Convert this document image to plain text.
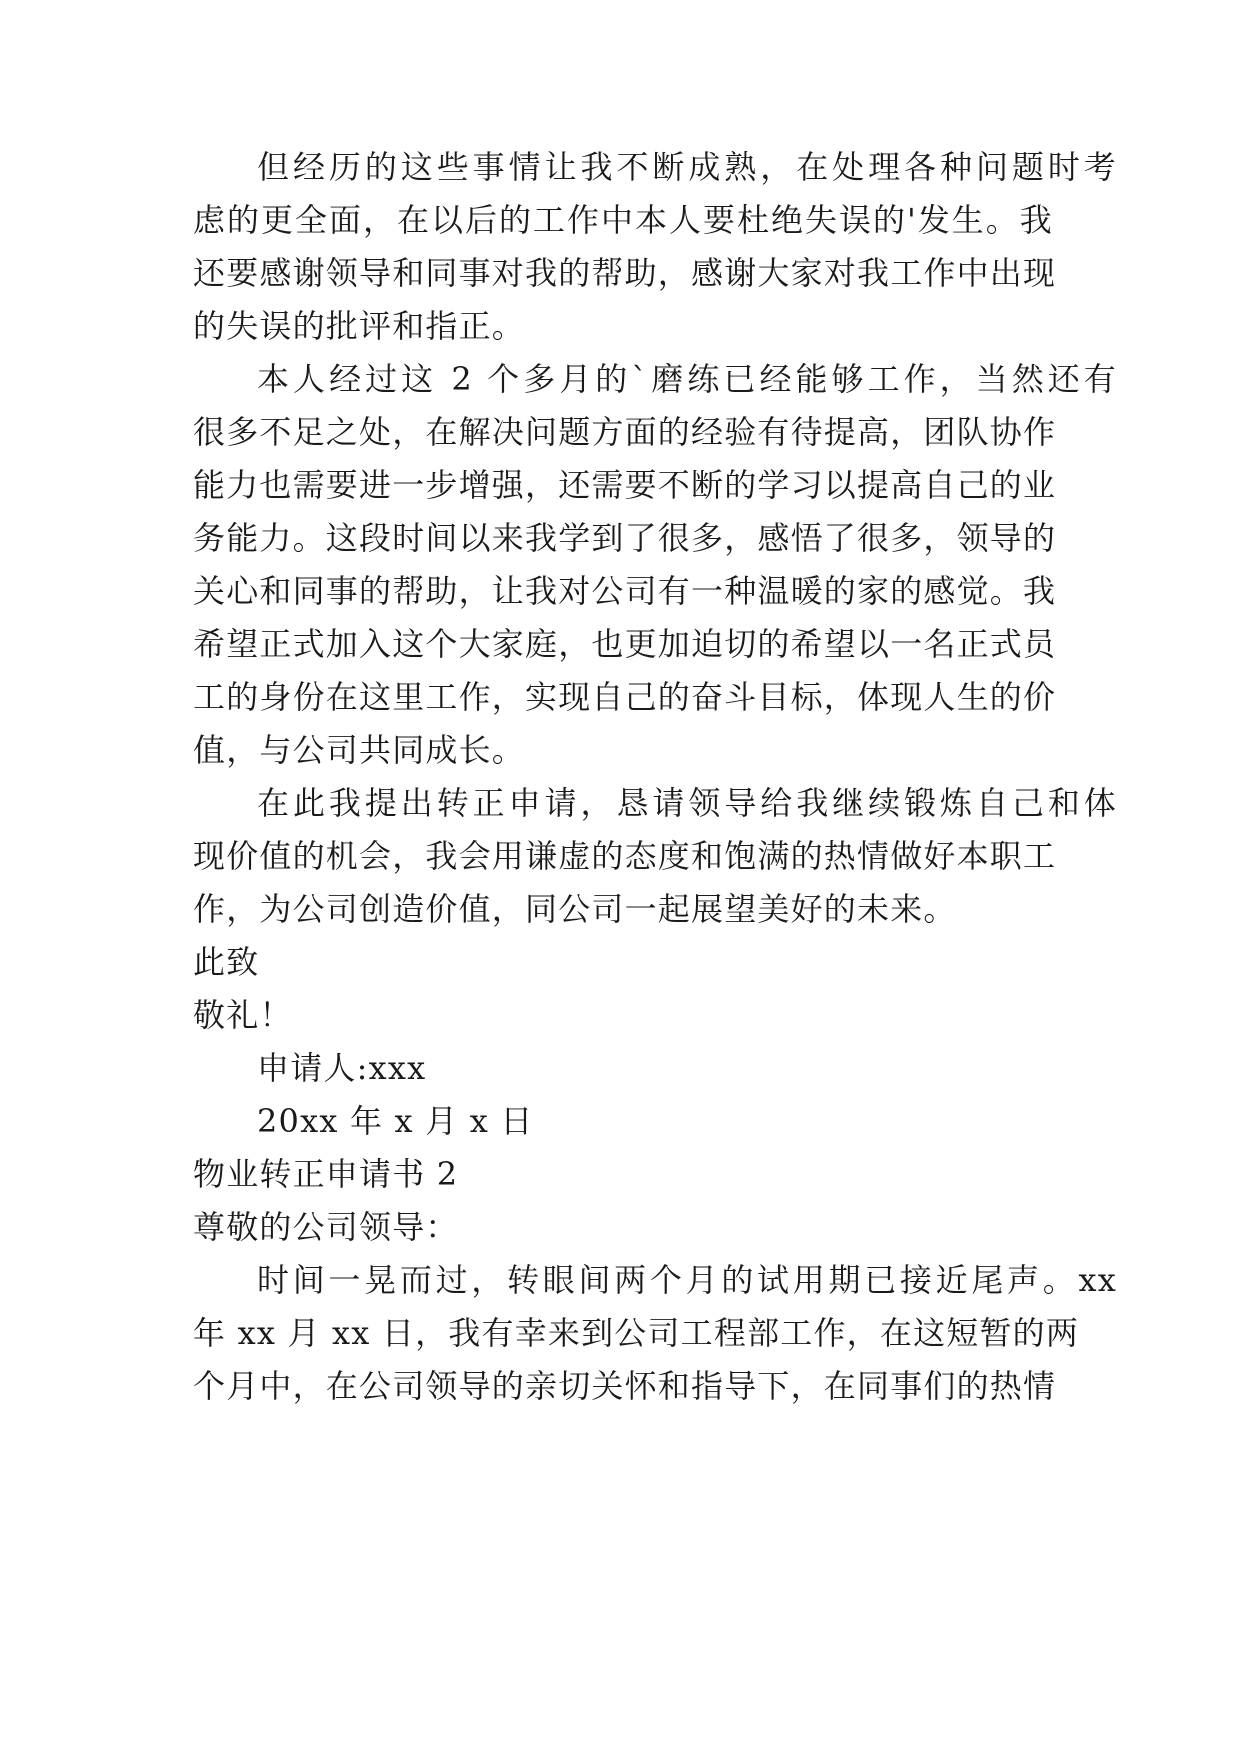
但经历的这些事情让我不断成熟，在处理各种问题时考

虑的更全面，在以后的工作中本人要杜绝失误的'发生。我

还要感谢领导和同事对我的帮助，感谢大家对我工作中出现

的失误的批评和指正。

本人经过这 2 个多月的`磨练已经能够工作，当然还有

很多不足之处，在解决问题方面的经验有待提高，团队协作

能力也需要进一步增强，还需要不断的学习以提高自己的业

务能力。这段时间以来我学到了很多，感悟了很多，领导的

关心和同事的帮助，让我对公司有一种温暖的家的感觉。我

希望正式加入这个大家庭，也更加迫切的希望以一名正式员

工的身份在这里工作，实现自己的奋斗目标，体现人生的价

值，与公司共同成长。

在此我提出转正申请，恳请领导给我继续锻炼自己和体

现价值的机会，我会用谦虚的态度和饱满的热情做好本职工

作，为公司创造价值，同公司一起展望美好的未来。

此致

敬礼！

申请人:xxx

20xx 年 x 月 x 日

物业转正申请书 2

尊敬的公司领导：

时间一晃而过，转眼间两个月的试用期已接近尾声。xx

年 xx 月 xx 日，我有幸来到公司工程部工作，在这短暂的两

个月中，在公司领导的亲切关怀和指导下，在同事们的热情
